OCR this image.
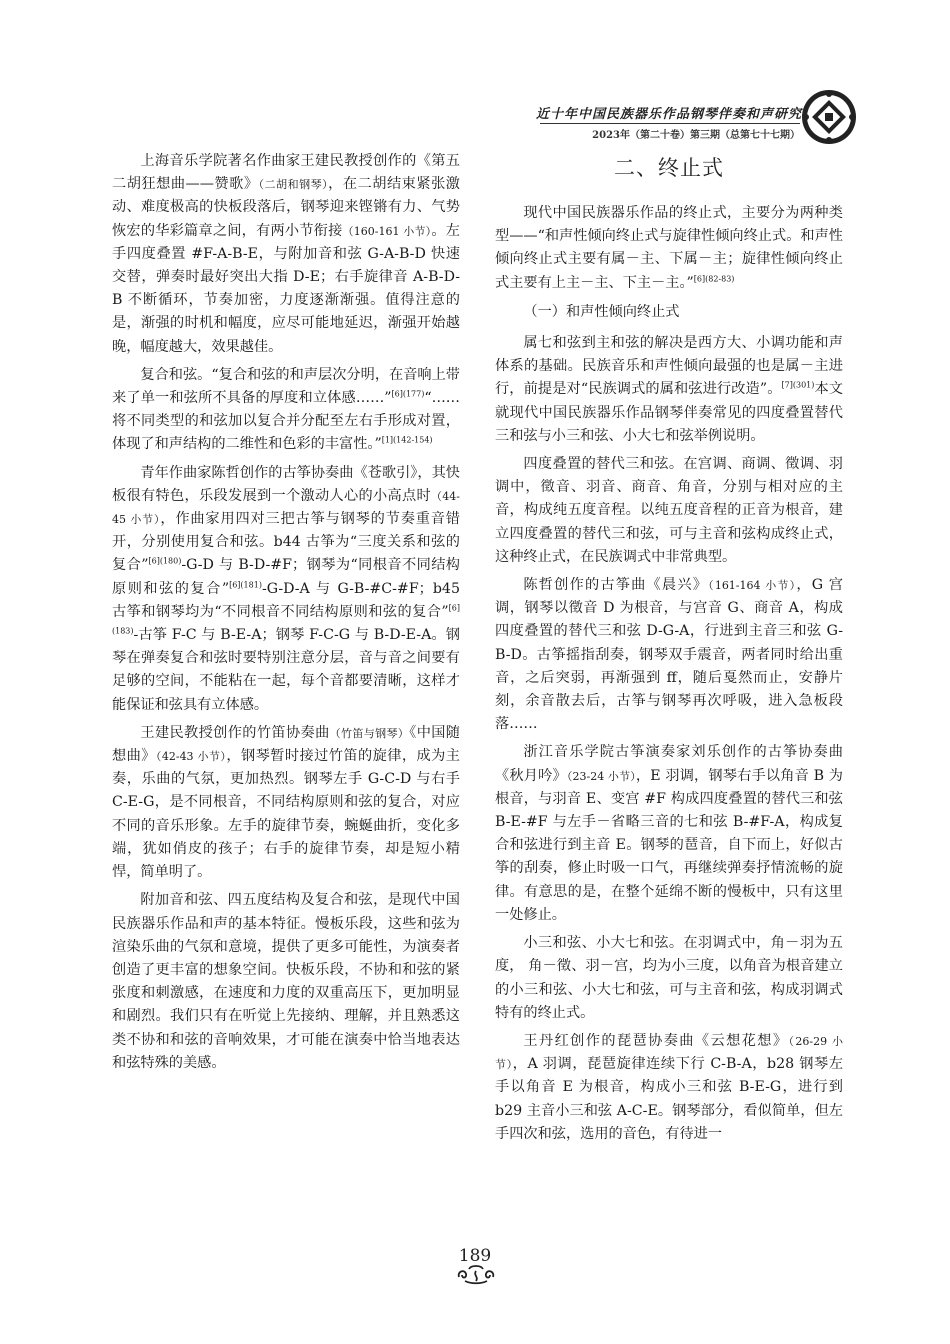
近十年中国民族器乐作品钢琴伴奏和声研究
2023年（第二十卷）第三期（总第七十七期）

上海音乐学院著名作曲家王建民教授创作的《第五二胡狂想曲——赞歌》（二胡和钢琴），在二胡结束紧张激动、难度极高的快板段落后，钢琴迎来铿锵有力、气势恢宏的华彩篇章之间，有两小节衔接（160-161 小节）。左手四度叠置 #F-A-B-E，与附加音和弦 G-A-B-D 快速交替，弹奏时最好突出大指 D-E；右手旋律音 A-B-D-B 不断循环，节奏加密，力度逐渐渐强。值得注意的是，渐强的时机和幅度，应尽可能地延迟，渐强开始越晚，幅度越大，效果越佳。

复合和弦。“复合和弦的和声层次分明，在音响上带来了单一和弦所不具备的厚度和立体感……”$^{[6](177)}$“……将不同类型的和弦加以复合并分配至左右手形成对置，体现了和声结构的二维性和色彩的丰富性。”$^{[1](142-154)}$

青年作曲家陈哲创作的古筝协奏曲《苍歌引》，其快板很有特色，乐段发展到一个激动人心的小高点时（44-45 小节），作曲家用四对三把古筝与钢琴的节奏重音错开，分别使用复合和弦。b44 古筝为“三度关系和弦的复合”$^{[6](180)}$-G-D 与 B-D-#F；钢琴为“同根音不同结构原则和弦的复合”$^{[6](181)}$-G-D-A 与 G-B-#C-#F；b45 古筝和钢琴均为“不同根音不同结构原则和弦的复合”$^{[6](183)}$-古筝 F-C 与 B-E-A；钢琴 F-C-G 与 B-D-E-A。钢琴在弹奏复合和弦时要特别注意分层，音与音之间要有足够的空间，不能粘在一起，每个音都要清晰，这样才能保证和弦具有立体感。

王建民教授创作的竹笛协奏曲（竹笛与钢琴）《中国随想曲》（42-43 小节），钢琴暂时接过竹笛的旋律，成为主奏，乐曲的气氛，更加热烈。钢琴左手 G-C-D 与右手 C-E-G，是不同根音，不同结构原则和弦的复合，对应不同的音乐形象。左手的旋律节奏，蜿蜒曲折，变化多端，犹如俏皮的孩子；右手的旋律节奏，却是短小精悍，简单明了。

附加音和弦、四五度结构及复合和弦，是现代中国民族器乐作品和声的基本特征。慢板乐段，这些和弦为渲染乐曲的气氛和意境，提供了更多可能性，为演奏者创造了更丰富的想象空间。快板乐段，不协和和弦的紧张度和刺激感，在速度和力度的双重高压下，更加明显和剧烈。我们只有在听觉上先接纳、理解，并且熟悉这类不协和和弦的音响效果，才可能在演奏中恰当地表达和弦特殊的美感。

二、终止式

现代中国民族器乐作品的终止式，主要分为两种类型——“和声性倾向终止式与旋律性倾向终止式。和声性倾向终止式主要有属－主、下属－主；旋律性倾向终止式主要有上主－主、下主－主。”$^{[6](82-83)}$

（一）和声性倾向终止式

属七和弦到主和弦的解决是西方大、小调功能和声体系的基础。民族音乐和声性倾向最强的也是属－主进行，前提是对“民族调式的属和弦进行改造”。$^{[7](301)}$本文就现代中国民族器乐作品钢琴伴奏常见的四度叠置替代三和弦与小三和弦、小大七和弦举例说明。

四度叠置的替代三和弦。在宫调、商调、徵调、羽调中，徵音、羽音、商音、角音，分别与相对应的主音，构成纯五度音程。以纯五度音程的正音为根音，建立四度叠置的替代三和弦，可与主音和弦构成终止式，这种终止式，在民族调式中非常典型。

陈哲创作的古筝曲《晨兴》（161-164 小节），G 宫调，钢琴以徵音 D 为根音，与宫音 G、商音 A，构成四度叠置的替代三和弦 D-G-A，行进到主音三和弦 G-B-D。古筝摇指刮奏，钢琴双手震音，两者同时给出重音，之后突弱，再渐强到 ff，随后戛然而止，安静片刻，余音散去后，古筝与钢琴再次呼吸，进入急板段落……

浙江音乐学院古筝演奏家刘乐创作的古筝协奏曲《秋月吟》（23-24 小节），E 羽调，钢琴右手以角音 B 为根音，与羽音 E、变宫 #F 构成四度叠置的替代三和弦 B-E-#F 与左手－省略三音的七和弦 B-#F-A，构成复合和弦进行到主音 E。钢琴的琶音，自下而上，好似古筝的刮奏，修止时吸一口气，再继续弹奏抒情流畅的旋律。有意思的是，在整个延绵不断的慢板中，只有这里一处修止。

小三和弦、小大七和弦。在羽调式中，角－羽为五度， 角－徵、羽－宫，均为小三度，以角音为根音建立的小三和弦、小大七和弦，可与主音和弦，构成羽调式特有的终止式。

王丹红创作的琵琶协奏曲《云想花想》（26-29 小节），A 羽调，琵琶旋律连续下行 C-B-A，b28 钢琴左手以角音 E 为根音，构成小三和弦 B-E-G，进行到 b29 主音小三和弦 A-C-E。钢琴部分，看似简单，但左手四次和弦，选用的音色，有待进一

189
